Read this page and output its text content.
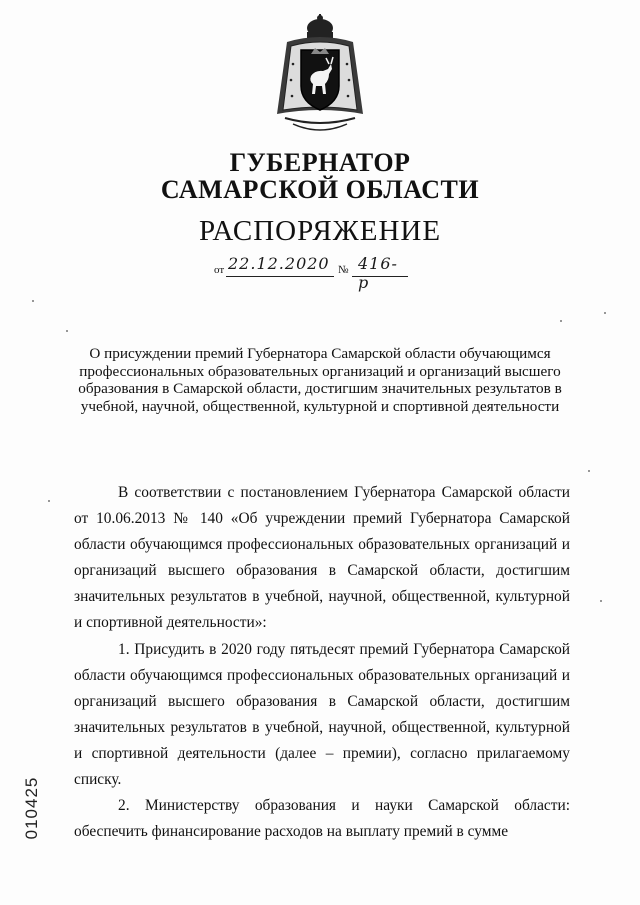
ГУБЕРНАТОР
САМАРСКОЙ ОБЛАСТИ
РАСПОРЯЖЕНИЕ
от 22.12.2020 № 416-р
О присуждении премий Губернатора Самарской области обучающимся профессиональных образовательных организаций и организаций высшего образования в Самарской области, достигшим значительных результатов в учебной, научной, общественной, культурной и спортивной деятельности
В соответствии с постановлением Губернатора Самарской области от 10.06.2013 № 140 «Об учреждении премий Губернатора Самарской области обучающимся профессиональных образовательных организаций и организаций высшего образования в Самарской области, достигшим значительных результатов в учебной, научной, общественной, культурной и спортивной деятельности»:
1. Присудить в 2020 году пятьдесят премий Губернатора Самарской области обучающимся профессиональных образовательных организаций и организаций высшего образования в Самарской области, достигшим значительных результатов в учебной, научной, общественной, культурной и спортивной деятельности (далее – премии), согласно прилагаемому списку.
2. Министерству образования и науки Самарской области: обеспечить финансирование расходов на выплату премий в сумме
010425
